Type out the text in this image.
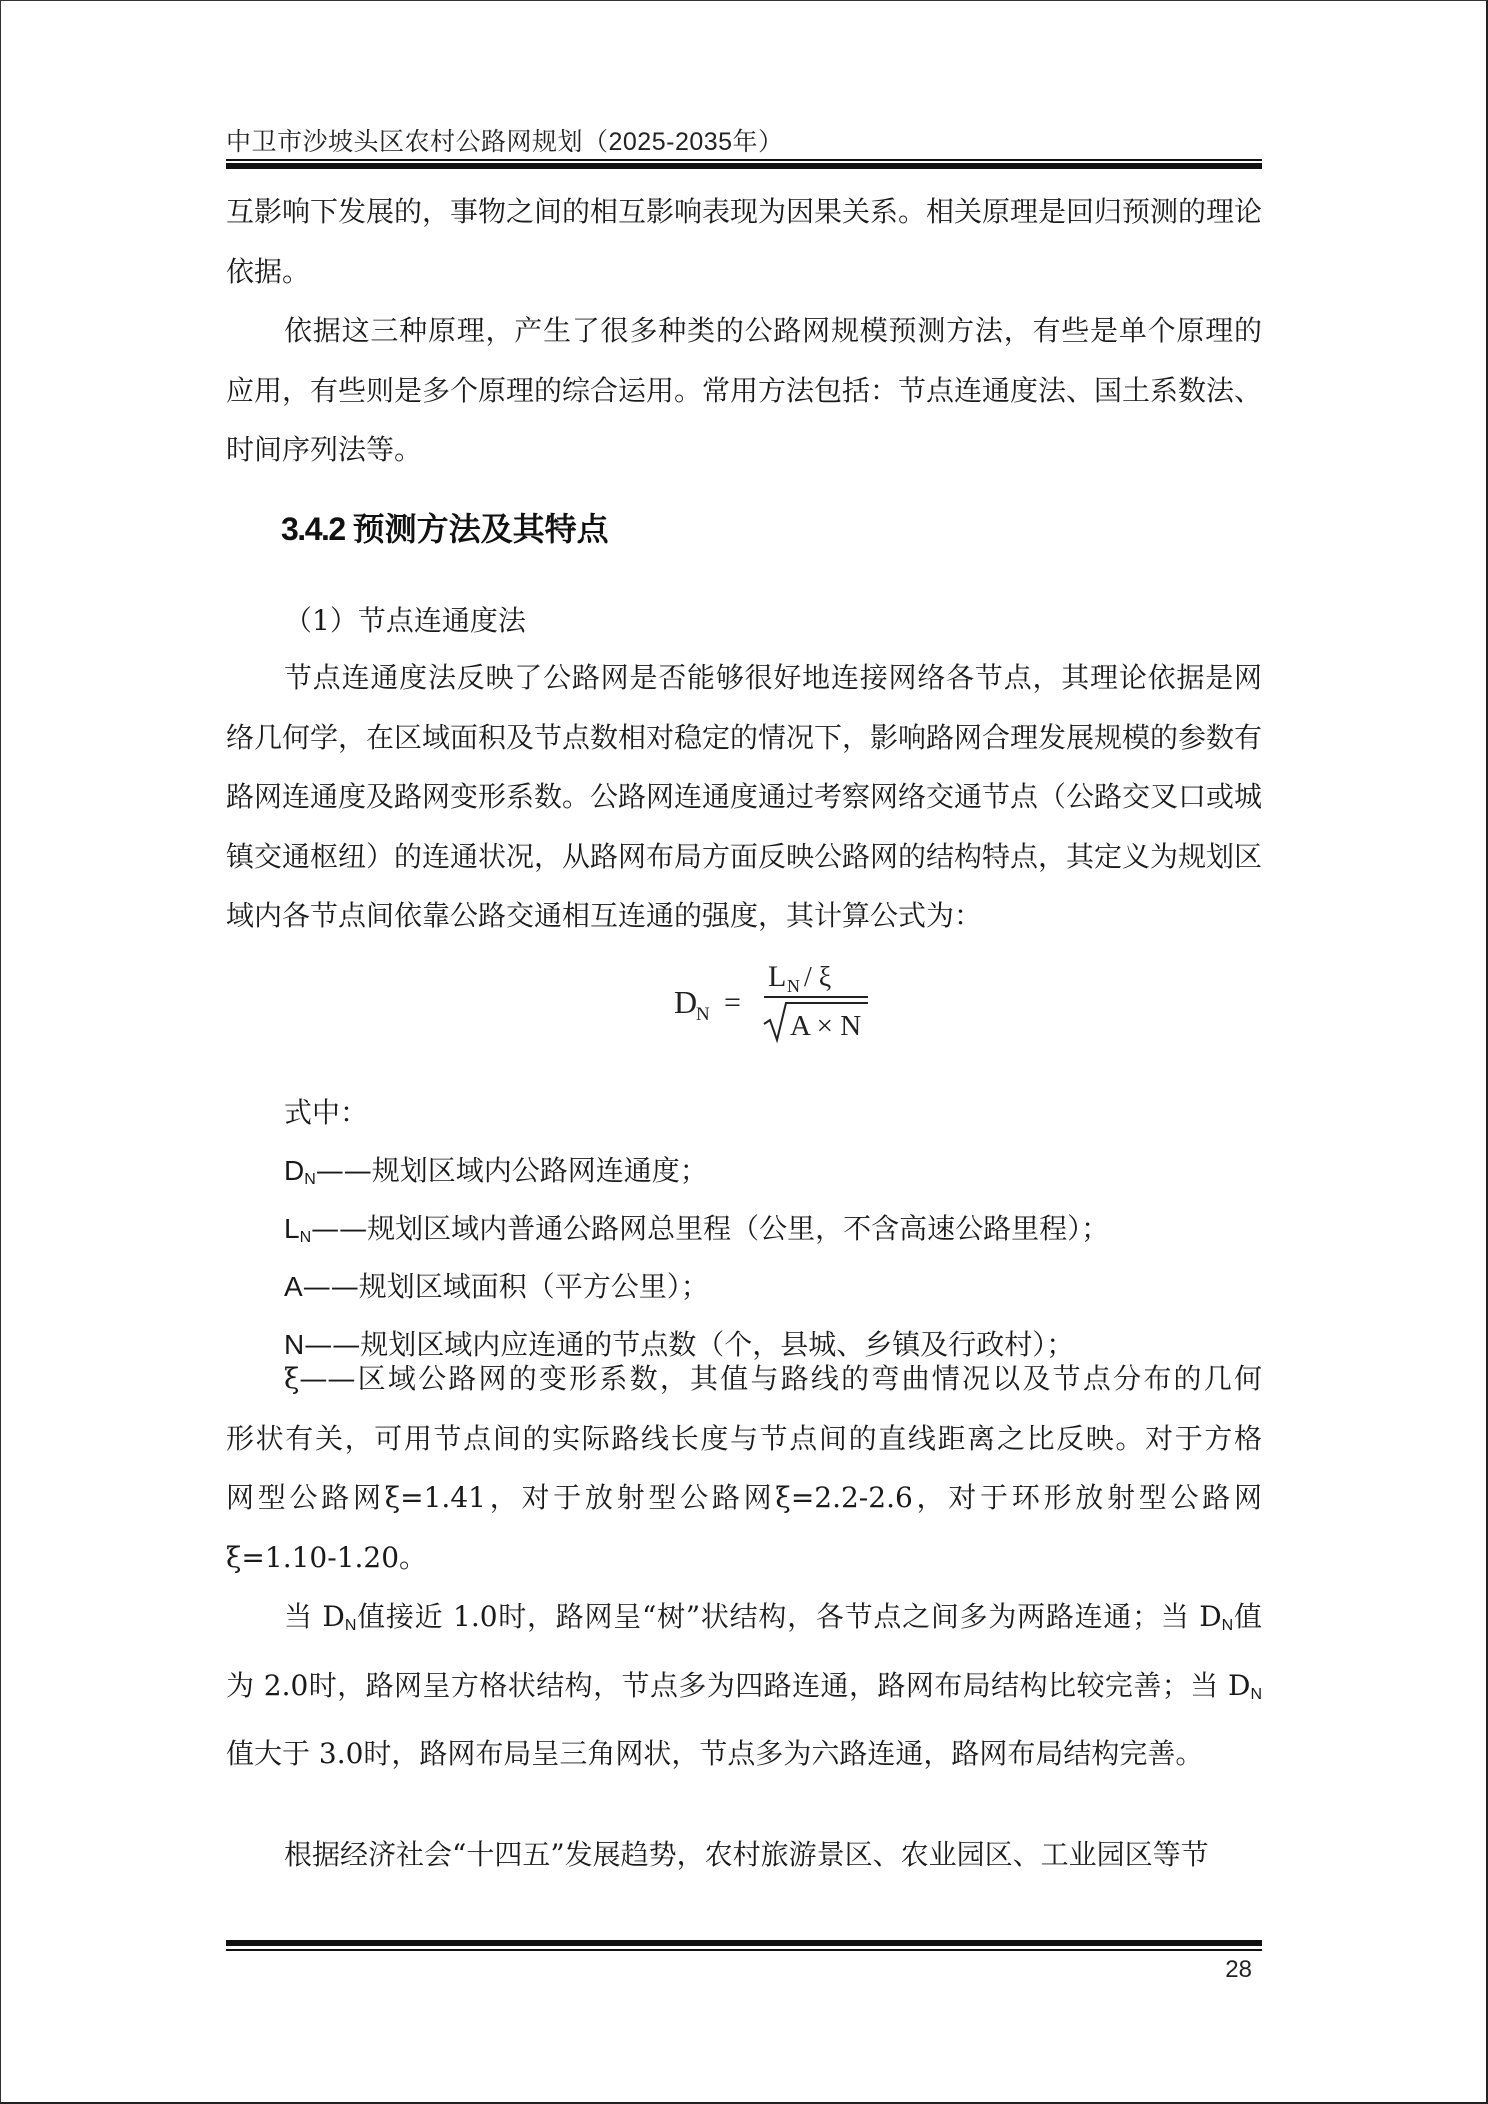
中卫市沙坡头区农村公路网规划（2025-2035年）
互影响下发展的，事物之间的相互影响表现为因果关系。相关原理是回归预测的理论依据。
依据这三种原理，产生了很多种类的公路网规模预测方法，有些是单个原理的应用，有些则是多个原理的综合运用。常用方法包括：节点连通度法、国土系数法、时间序列法等。
3.4.2 预测方法及其特点
（1）节点连通度法
节点连通度法反映了公路网是否能够很好地连接网络各节点，其理论依据是网络几何学，在区域面积及节点数相对稳定的情况下，影响路网合理发展规模的参数有路网连通度及路网变形系数。公路网连通度通过考察网络交通节点（公路交叉口或城镇交通枢纽）的连通状况，从路网布局方面反映公路网的结构特点，其定义为规划区域内各节点间依靠公路交通相互连通的强度，其计算公式为：
D
N =
L N / ξ
A × N
式中：
$D_N——$规划区域内公路网连通度；
$L_N——$规划区域内普通公路网总里程（公里，不含高速公路里程）；
A——规划区域面积（平方公里）；
N——规划区域内应连通的节点数（个，县城、乡镇及行政村）；
ξ——区域公路网的变形系数，其值与路线的弯曲情况以及节点分布的几何
形状有关，可用节点间的实际路线长度与节点间的直线距离之比反映。对于方格
网型公路网ξ=1.41，对于放射型公路网ξ=2.2-2.6，对于环形放射型公路网
ξ=1.10-1.20。
当 $D_N$值接近 1.0时，路网呈“树”状结构，各节点之间多为两路连通；当 $D_N$值为 2.0时，路网呈方格状结构，节点多为四路连通，路网布局结构比较完善；当 $D_N$值大于 3.0时，路网布局呈三角网状，节点多为六路连通，路网布局结构完善。
根据经济社会“十四五”发展趋势，农村旅游景区、农业园区、工业园区等节
28
